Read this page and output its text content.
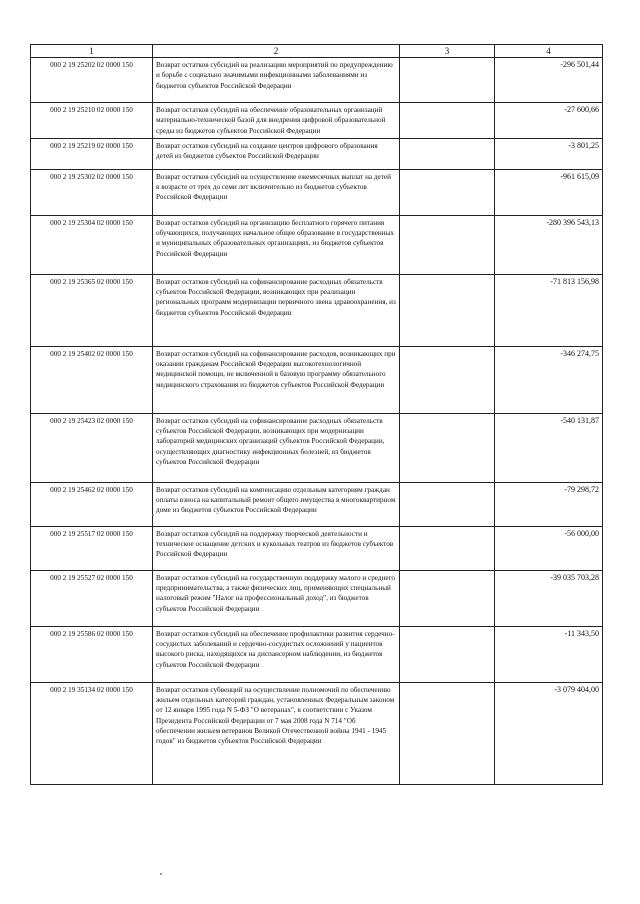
1	2	3	4
000 2 19 25202 02 0000 150	Возврат остатков субсидий на реализацию мероприятий по предупреждению и борьбе с социально значимыми инфекционными заболеваниями из бюджетов субъектов Российской Федерации		-296 501,44
000 2 19 25210 02 0000 150	Возврат остатков субсидий на обеспечение образовательных организаций материально-технической базой для внедрения цифровой образовательной среды из бюджетов субъектов Российской Федерации		-27 600,66
000 2 19 25219 02 0000 150	Возврат остатков субсидий на создание центров цифрового образования детей из бюджетов субъектов Российской Федерации		-3 801,25
000 2 19 25302 02 0000 150	Возврат остатков субсидий на осуществление ежемесячных выплат на детей в возрасте от трех до семи лет включительно из бюджетов субъектов Российской Федерации		-961 615,09
000 2 19 25304 02 0000 150	Возврат остатков субсидий на организацию бесплатного горячего питания обучающихся, получающих начальное общее образование в государственных и муниципальных образовательных организациях, из бюджетов субъектов Российской Федерации		-280 396 543,13
000 2 19 25365 02 0000 150	Возврат остатков субсидий на софинансирование расходных обязательств субъектов Российской Федерации, возникающих при реализации региональных программ модернизации первичного звена здравоохранения, из бюджетов субъектов Российской Федерации		-71 813 156,98
000 2 19 25402 02 0000 150	Возврат остатков субсидий на софинансирование расходов, возникающих при оказании гражданам Российской Федерации высокотехнологичной медицинской помощи, не включенной в базовую программу обязательного медицинского страхования из бюджетов субъектов Российской Федерации		-346 274,75
000 2 19 25423 02 0000 150	Возврат остатков субсидий на софинансирование расходных обязательств субъектов Российской Федерации, возникающих при модернизации лабораторий медицинских организаций субъектов Российской Федерации, осуществляющих диагностику инфекционных болезней, из бюджетов субъектов Российской Федерации		-540 131,87
000 2 19 25462 02 0000 150	Возврат остатков субсидий на компенсацию отдельным категориям граждан оплаты взноса на капитальный ремонт общего имущества в многоквартирном доме из бюджетов субъектов Российской Федерации		-79 298,72
000 2 19 25517 02 0000 150	Возврат остатков субсидий на поддержку творческой деятельности и техническое оснащение детских и кукольных театров из бюджетов субъектов Российской Федерации		-56 000,00
000 2 19 25527 02 0000 150	Возврат остатков субсидий на государственную поддержку малого и среднего предпринимательства, а также физических лиц, применяющих специальный налоговый режим "Налог на профессиональный доход", из бюджетов субъектов Российской Федерации		-39 035 703,28
000 2 19 25586 02 0000 150	Возврат остатков субсидий на обеспечение профилактики развития сердечно-сосудистых заболеваний и сердечно-сосудистых осложнений у пациентов высокого риска, находящихся на диспансерном наблюдении, из бюджетов субъектов Российской Федерации		-11 343,50
000 2 19 35134 02 0000 150	Возврат остатков субвенций на осуществление полномочий по обеспечению жильем отдельных категорий граждан, установленных Федеральным законом от 12 января 1995 года N 5-ФЗ "О ветеранах", в соответствии с Указом Президента Российской Федерации от 7 мая 2008 года N 714 "Об обеспечении жильем ветеранов Великой Отечественной войны 1941 - 1945 годов" из бюджетов субъектов Российской Федерации		-3 079 404,00
